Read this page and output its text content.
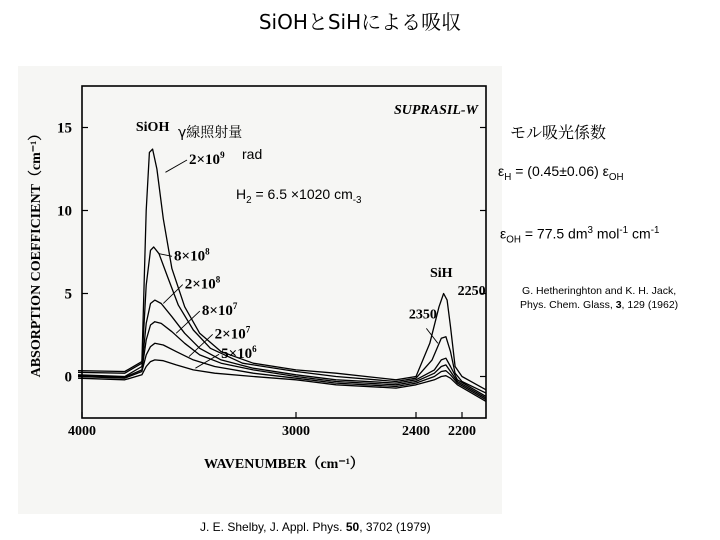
SiOHとSiHによる吸収
0
5
10
15
4000	3000	2400 2200
WAVENUMBER（cm⁻¹）
ABSORPTION COEFFICIENT（cm⁻¹）
SUPRASIL-W
$2\times 10^9$
$8\times 10^8$
$2\times 10^8$
$8\times 10^7$
$2\times 10^7$
$5\times 10^6$
SiOH
SiH
2250
2350
γ線照射量
rad
$H_2 = 6.5 \times 1020$ $cm_{-3}$
モル吸光係数
$\varepsilon_H = (0.45\pm 0.06)$ $\varepsilon_{OH}$
$\varepsilon_{OH} = 77.5$ $dm^3$ mol$^{-1}$ $cm^{-1}$
G. Hetheringhton and K. H. Jack,
Phys. Chem. Glass, 3, 129 (1962)
J. E. Shelby, J. Appl. Phys. 50, 3702 (1979)
